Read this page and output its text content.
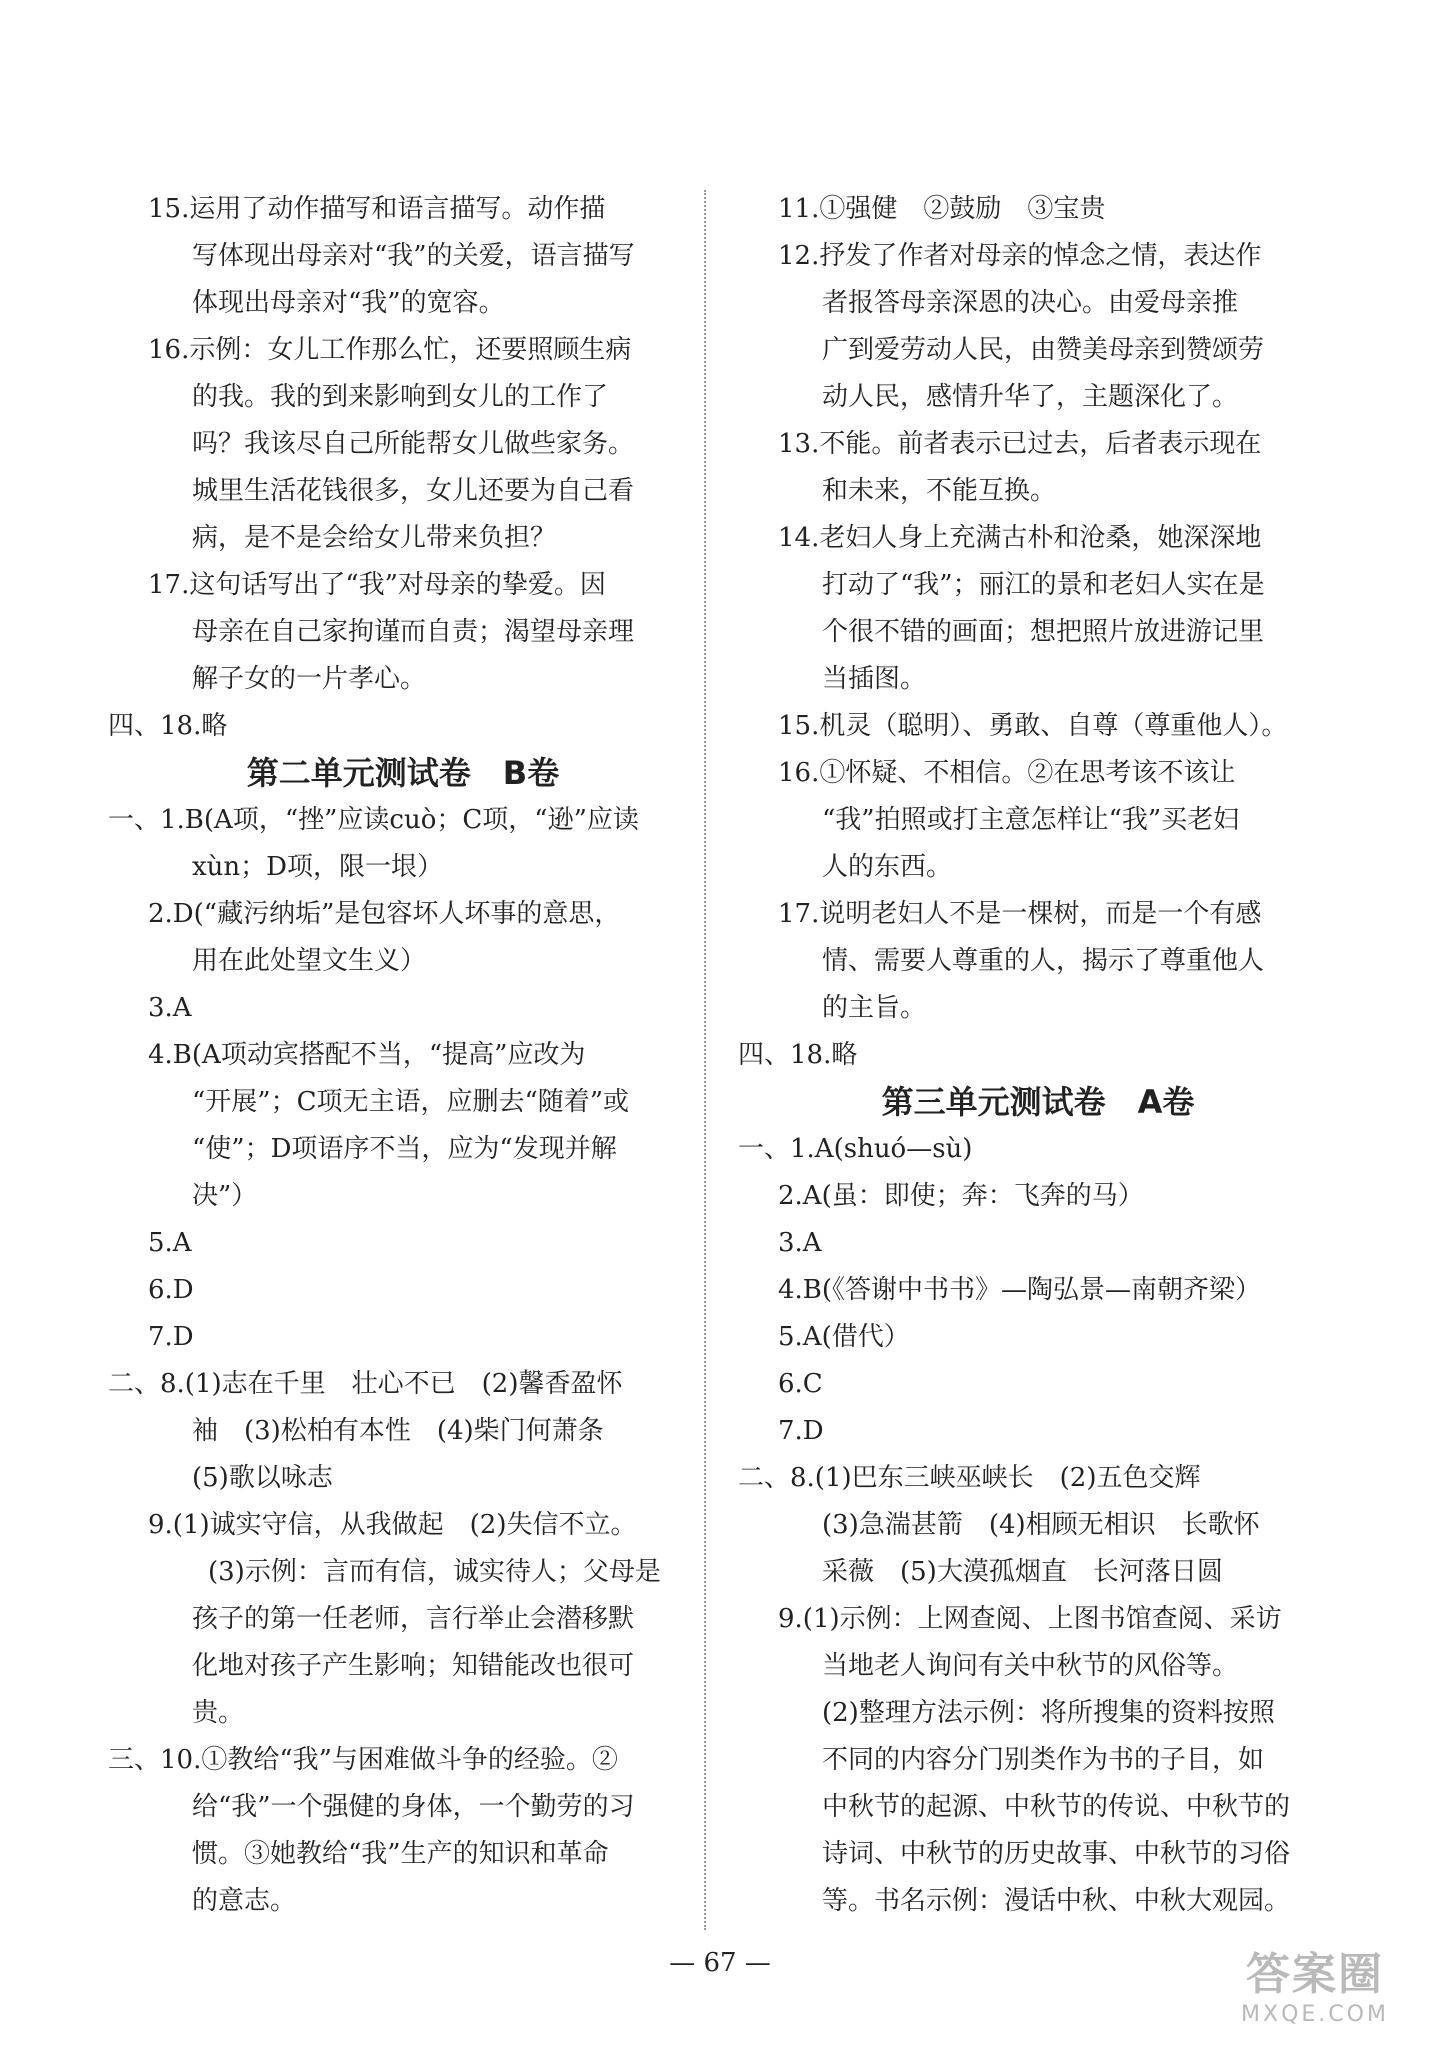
15.运用了动作描写和语言描写。动作描
写体现出母亲对“我”的关爱，语言描写
体现出母亲对“我”的宽容。
16.示例：女儿工作那么忙，还要照顾生病
的我。我的到来影响到女儿的工作了
吗？我该尽自己所能帮女儿做些家务。
城里生活花钱很多，女儿还要为自己看
病，是不是会给女儿带来负担？
17.这句话写出了“我”对母亲的挚爱。因
母亲在自己家拘谨而自责；渴望母亲理
解子女的一片孝心。
四、18.略
第二单元测试卷　B卷
一、1.B(A项，“挫”应读cuò；C项，“逊”应读
xùn；D项，限一垠）
2.D(“藏污纳垢”是包容坏人坏事的意思，
用在此处望文生义）
3.A
4.B(A项动宾搭配不当，“提高”应改为
“开展”；C项无主语，应删去“随着”或
“使”；D项语序不当，应为“发现并解
决”）
5.A
6.D
7.D
二、8.(1)志在千里　壮心不已　(2)馨香盈怀
袖　(3)松柏有本性　(4)柴门何萧条
(5)歌以咏志
9.(1)诚实守信，从我做起　(2)失信不立。
(3)示例：言而有信，诚实待人；父母是
孩子的第一任老师，言行举止会潜移默
化地对孩子产生影响；知错能改也很可
贵。
三、10.①教给“我”与困难做斗争的经验。②
给“我”一个强健的身体，一个勤劳的习
惯。③她教给“我”生产的知识和革命
的意志。
11.①强健　②鼓励　③宝贵
12.抒发了作者对母亲的悼念之情，表达作
者报答母亲深恩的决心。由爱母亲推
广到爱劳动人民，由赞美母亲到赞颂劳
动人民，感情升华了，主题深化了。
13.不能。前者表示已过去，后者表示现在
和未来，不能互换。
14.老妇人身上充满古朴和沧桑，她深深地
打动了“我”；丽江的景和老妇人实在是
个很不错的画面；想把照片放进游记里
当插图。
15.机灵（聪明）、勇敢、自尊（尊重他人）。
16.①怀疑、不相信。②在思考该不该让
“我”拍照或打主意怎样让“我”买老妇
人的东西。
17.说明老妇人不是一棵树，而是一个有感
情、需要人尊重的人，揭示了尊重他人
的主旨。
四、18.略
第三单元测试卷　A卷
一、1.A(shuó—sù)
2.A(虽：即使；奔：飞奔的马）
3.A
4.B(《答谢中书书》—陶弘景—南朝齐梁）
5.A(借代）
6.C
7.D
二、8.(1)巴东三峡巫峡长　(2)五色交辉
(3)急湍甚箭　(4)相顾无相识　长歌怀
采薇　(5)大漠孤烟直　长河落日圆
9.(1)示例：上网查阅、上图书馆查阅、采访
当地老人询问有关中秋节的风俗等。
(2)整理方法示例：将所搜集的资料按照
不同的内容分门别类作为书的子目，如
中秋节的起源、中秋节的传说、中秋节的
诗词、中秋节的历史故事、中秋节的习俗
等。书名示例：漫话中秋、中秋大观园。
— 67 —	答案圈
MXQE.COM
